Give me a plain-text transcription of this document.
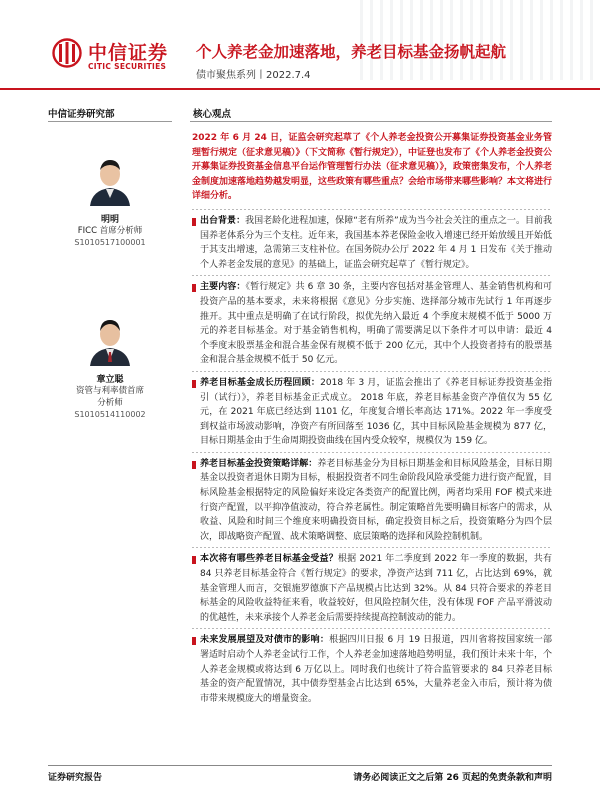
中信证券
CITIC SECURITIES
个人养老金加速落地，养老目标基金扬帆起航
债市聚焦系列丨2022.7.4
中信证券研究部	核心观点
明明
FICC 首席分析师
S1010517100001
章立聪
资管与利率债首席
分析师
S1010514110002

2022 年 6 月 24 日，证监会研究起草了《个人养老金投资公开募集证券投资基金业务管理暂行规定（征求意见稿）》（下文简称《暂行规定》），中证登也发布了《个人养老金投资公开募集证券投资基金信息平台运作管理暂行办法（征求意见稿）》，政策密集发布，个人养老金制度加速落地趋势越发明显，这些政策有哪些重点？会给市场带来哪些影响？本文将进行详细分析。

出台背景：我国老龄化进程加速，保障“老有所养”成为当今社会关注的重点之一。目前我国养老体系分为三个支柱。近年来，我国基本养老保险金收入增速已经开始放缓且开始低于其支出增速，急需第三支柱补位。在国务院办公厅 2022 年 4 月 1 日发布《关于推动个人养老金发展的意见》的基础上，证监会研究起草了《暂行规定》。

主要内容：《暂行规定》共 6 章 30 条，主要内容包括对基金管理人、基金销售机构和可投资产品的基本要求，未来将根据《意见》分步实施、选择部分城市先试行 1 年再逐步推开。其中重点是明确了在试行阶段，拟优先纳入最近 4 个季度末规模不低于 5000 万元的养老目标基金。对于基金销售机构，明确了需要满足以下条件才可以申请：最近 4 个季度末股票基金和混合基金保有规模不低于 200 亿元，其中个人投资者持有的股票基金和混合基金规模不低于 50 亿元。

养老目标基金成长历程回顾：2018 年 3 月，证监会推出了《养老目标证券投资基金指引（试行）》，养老目标基金正式成立。 2018 年底，养老目标基金资产净值仅为 55 亿元，在 2021 年底已经达到 1101 亿，年度复合增长率高达 171%。2022 年一季度受到权益市场波动影响，净资产有所回落至 1036 亿，其中目标风险基金规模为 877 亿，目标日期基金由于生命周期投资曲线在国内受众较窄，规模仅为 159 亿。

养老目标基金投资策略详解：养老目标基金分为目标日期基金和目标风险基金，目标日期基金以投资者退休日期为目标，根据投资者不同生命阶段风险承受能力进行资产配置，目标风险基金根据特定的风险偏好来设定各类资产的配置比例，两者均采用 FOF 模式来进行资产配置，以平抑净值波动，符合养老属性。制定策略首先要明确目标客户的需求，从收益、风险和时间三个维度来明确投资目标，确定投资目标之后，投资策略分为四个层次，即战略资产配置、战术策略调整、底层策略的选择和风险控制机制。

本次将有哪些养老目标基金受益？根据 2021 年二季度到 2022 年一季度的数据，共有 84 只养老目标基金符合《暂行规定》的要求，净资产达到 711 亿，占比达到 69%，就基金管理人而言，交银施罗德旗下产品规模占比达到 32%。从 84 只符合要求的养老目标基金的风险收益特征来看，收益较好，但风险控制欠佳，没有体现 FOF 产品平滑波动的优越性，未来承接个人养老金后需要持续提高控制波动的能力。

未来发展展望及对债市的影响：根据四川日报 6 月 19 日报道，四川省将按国家统一部署适时启动个人养老金试行工作，个人养老金加速落地趋势明显，我们预计未来十年，个人养老金规模或将达到 6 万亿以上。同时我们也统计了符合监管要求的 84 只养老目标基金的资产配置情况，其中债券型基金占比达到 65%，大量养老金入市后，预计将为债市带来规模庞大的增量资金。

证券研究报告	请务必阅读正文之后第 26 页起的免责条款和声明
